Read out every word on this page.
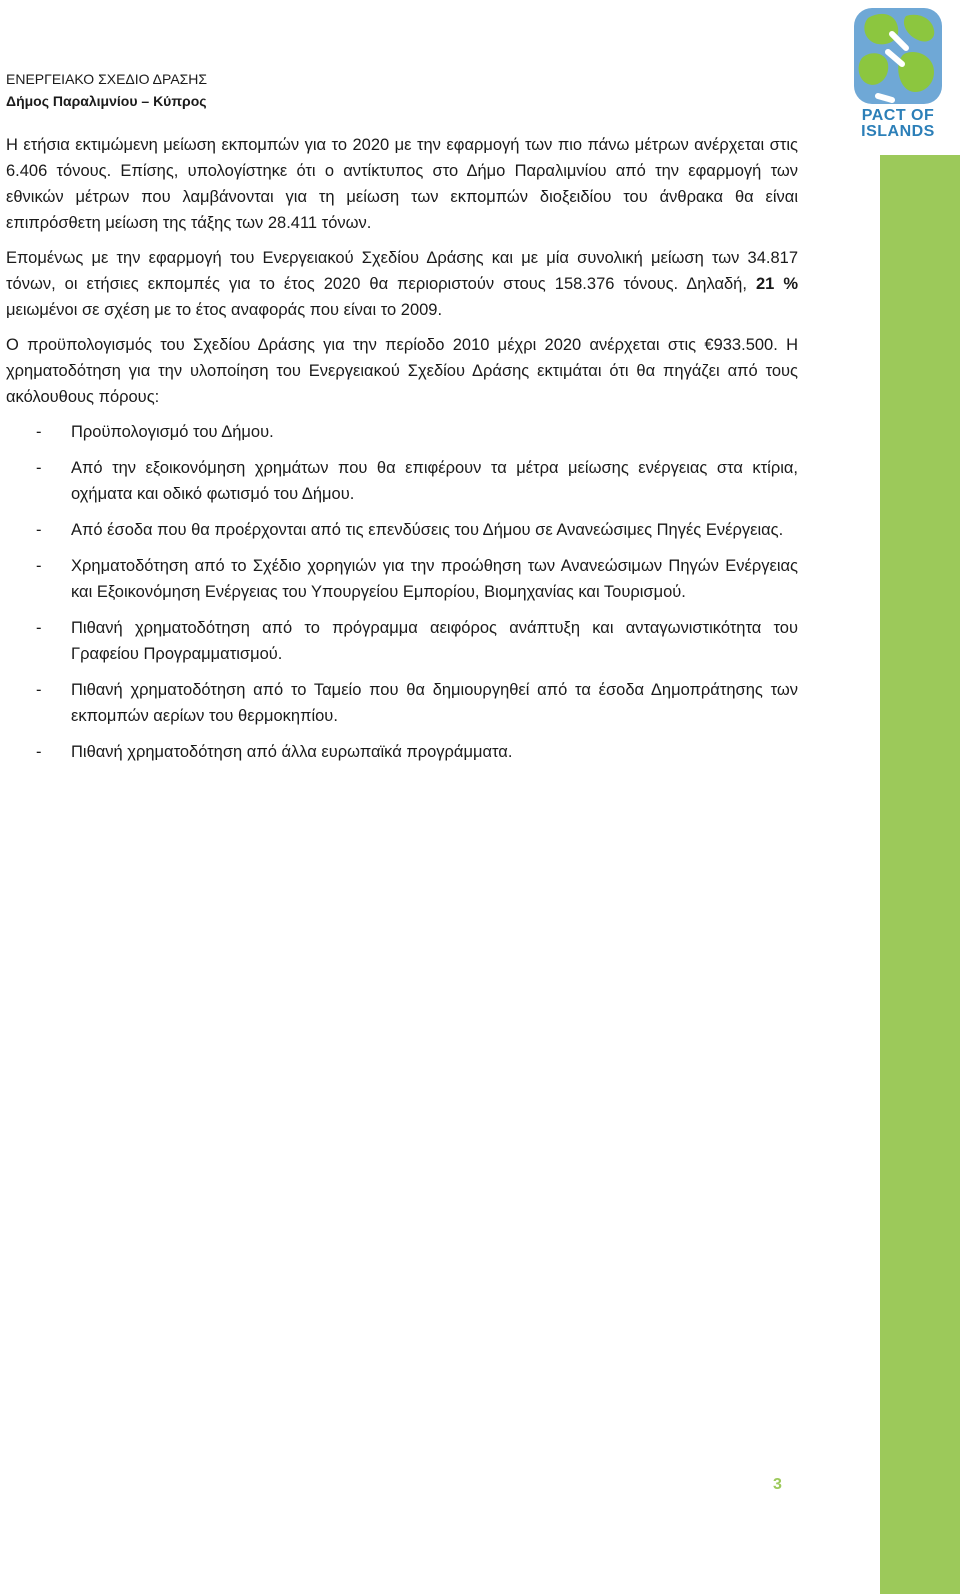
PACT OF
ISLANDS
ΕΝΕΡΓΕΙΑΚΟ ΣΧΕΔΙΟ ΔΡΑΣΗΣ
Δήμος Παραλιμνίου – Κύπρος

Η ετήσια εκτιμώμενη μείωση εκπομπών για το 2020 με την εφαρμογή των πιο πάνω μέτρων ανέρχεται στις 6.406 τόνους. Επίσης, υπολογίστηκε ότι ο αντίκτυπος στο Δήμο Παραλιμνίου από την εφαρμογή των εθνικών μέτρων που λαμβάνονται για τη μείωση των εκπομπών διοξειδίου του άνθρακα θα είναι επιπρόσθετη μείωση της τάξης των 28.411 τόνων.

Επομένως με την εφαρμογή του Ενεργειακού Σχεδίου Δράσης και με μία συνολική μείωση των 34.817 τόνων, οι ετήσιες εκπομπές για το έτος 2020 θα περιοριστούν στους 158.376 τόνους. Δηλαδή, 21 % μειωμένοι σε σχέση με το έτος αναφοράς που είναι το 2009.

Ο προϋπολογισμός του Σχεδίου Δράσης για την περίοδο 2010 μέχρι 2020 ανέρχεται στις €933.500. Η χρηματοδότηση για την υλοποίηση του Ενεργειακού Σχεδίου Δράσης εκτιμάται ότι θα πηγάζει από τους ακόλουθους πόρους:

- Προϋπολογισμό του Δήμου.
- Από την εξοικονόμηση χρημάτων που θα επιφέρουν τα μέτρα μείωσης ενέργειας στα κτίρια, οχήματα και οδικό φωτισμό του Δήμου.
- Από έσοδα που θα προέρχονται από τις επενδύσεις του Δήμου σε Ανανεώσιμες Πηγές Ενέργειας.
- Χρηματοδότηση από το Σχέδιο χορηγιών για την προώθηση των Ανανεώσιμων Πηγών Ενέργειας και Εξοικονόμηση Ενέργειας του Υπουργείου Εμπορίου, Βιομηχανίας και Τουρισμού.
- Πιθανή χρηματοδότηση από το πρόγραμμα αειφόρος ανάπτυξη και ανταγωνιστικότητα του Γραφείου Προγραμματισμού.
- Πιθανή χρηματοδότηση από το Ταμείο που θα δημιουργηθεί από τα έσοδα Δημοπράτησης των εκπομπών αερίων του θερμοκηπίου.
- Πιθανή χρηματοδότηση από άλλα ευρωπαϊκά προγράμματα.
3
